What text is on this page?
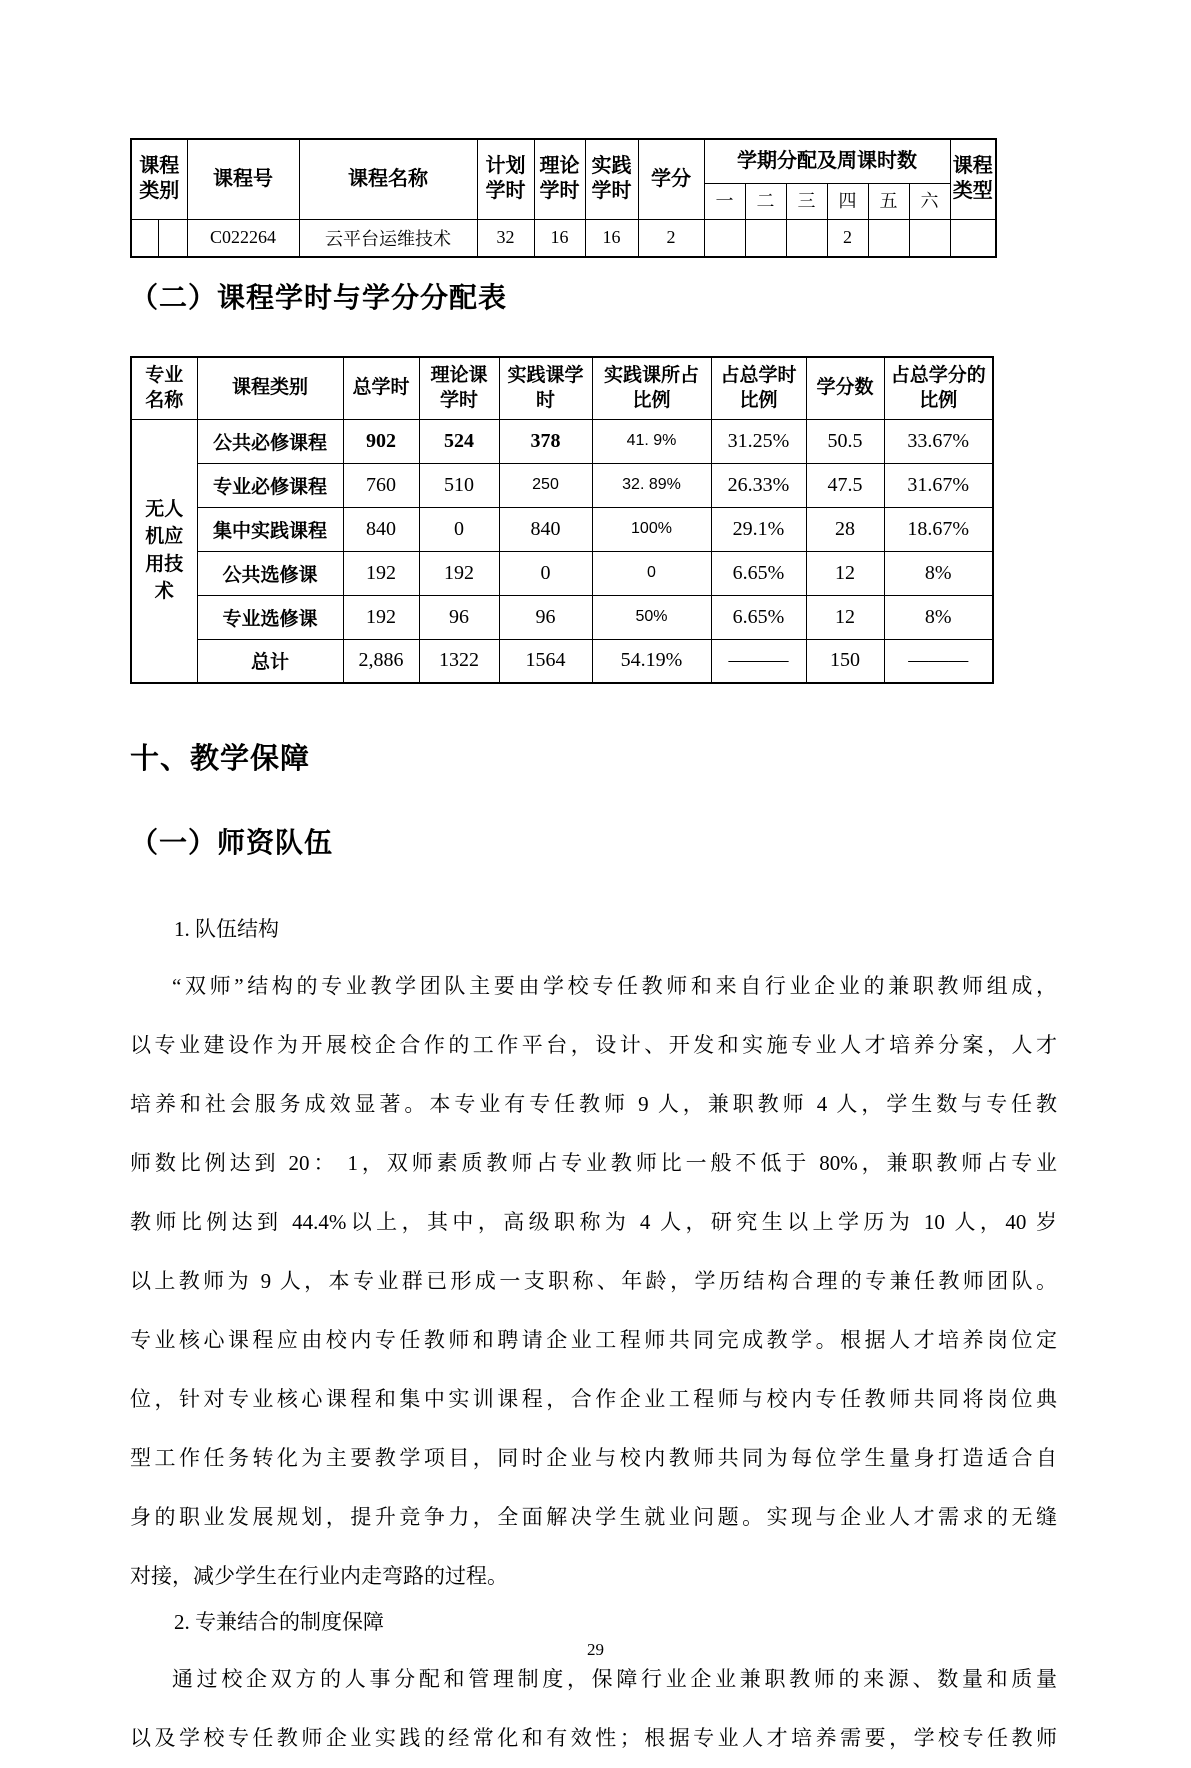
课程类别		课程号	课程名称	计划学时	理论学时	实践学时	学分	学期分配及周课时数						课程类型
								一	二	三	四	五	六	
		C022264	云平台运维技术	32	16	16	2				2			
（二）课程学时与学分分配表
专业名称	课程类别	总学时	理论课学时	实践课学时	实践课所占比例	占总学时比例	学分数	占总学分的比例
无人机应用技术	公共必修课程	902	524	378	41. 9%	31.25%	50.5	33.67%
	专业必修课程	760	510	250	32. 89%	26.33%	47.5	31.67%
	集中实践课程	840	0	840	100%	29.1%	28	18.67%
	公共选修课	192	192	0	0	6.65%	12	8%
	专业选修课	192	96	96	50%	6.65%	12	8%
	总计	2,886	1322	1564	54.19%	———	150	———
十、教学保障
（一）师资队伍
1. 队伍结构
“双师”结构的专业教学团队主要由学校专任教师和来自行业企业的兼职教师组成，
以专业建设作为开展校企合作的工作平台，设计、开发和实施专业人才培养分案，人才
培养和社会服务成效显著。本专业有专任教师 9 人，兼职教师 4 人，学生数与专任教
师数比例达到 20： 1，双师素质教师占专业教师比一般不低于 80%，兼职教师占专业
教师比例达到 44.4%以上，其中，高级职称为 4 人，研究生以上学历为 10 人，40 岁
以上教师为 9 人，本专业群已形成一支职称、年龄，学历结构合理的专兼任教师团队。
专业核心课程应由校内专任教师和聘请企业工程师共同完成教学。根据人才培养岗位定
位，针对专业核心课程和集中实训课程，合作企业工程师与校内专任教师共同将岗位典
型工作任务转化为主要教学项目，同时企业与校内教师共同为每位学生量身打造适合自
身的职业发展规划，提升竞争力，全面解决学生就业问题。实现与企业人才需求的无缝
对接，减少学生在行业内走弯路的过程。
2. 专兼结合的制度保障
通过校企双方的人事分配和管理制度，保障行业企业兼职教师的来源、数量和质量
以及学校专任教师企业实践的经常化和有效性；根据专业人才培养需要，学校专任教师
29
